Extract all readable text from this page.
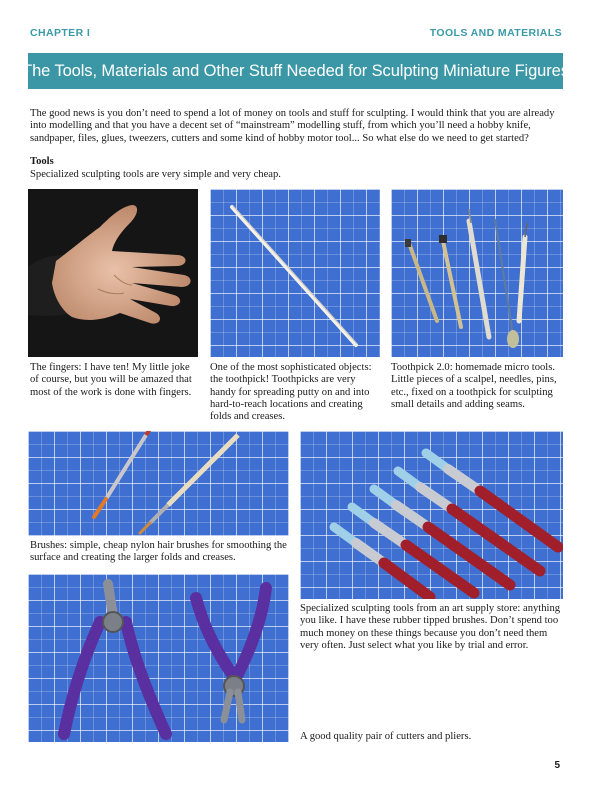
CHAPTER I	TOOLS AND MATERIALS
The Tools, Materials and Other Stuff Needed for Sculpting Miniature Figures

The good news is you don’t need to spend a lot of money on tools and stuff for sculpting. I would think that you are already into modelling and that you have a decent set of “mainstream” modelling stuff, from which you’ll need a hobby knife, sandpaper, files, glues, tweezers, cutters and some kind of hobby motor tool... So what else do we need to get started?

Tools
Specialized sculpting tools are very simple and very cheap.
The fingers: I have ten! My little joke of course, but you will be amazed that most of the work is done with fingers.
One of the most sophisticated objects: the toothpick! Toothpicks are very handy for spreading putty on and into hard-to-reach locations and creating folds and creases.
Toothpick 2.0: homemade micro tools. Little pieces of a scalpel, needles, pins, etc., fixed on a toothpick for sculpting small details and adding seams.
Brushes: simple, cheap nylon hair brushes for smoothing the surface and creating the larger folds and creases.
Specialized sculpting tools from an art supply store: anything you like. I have these rubber tipped brushes. Don’t spend too much money on these things because you don’t need them very often. Just select what you like by trial and error.
A good quality pair of cutters and pliers.
5
